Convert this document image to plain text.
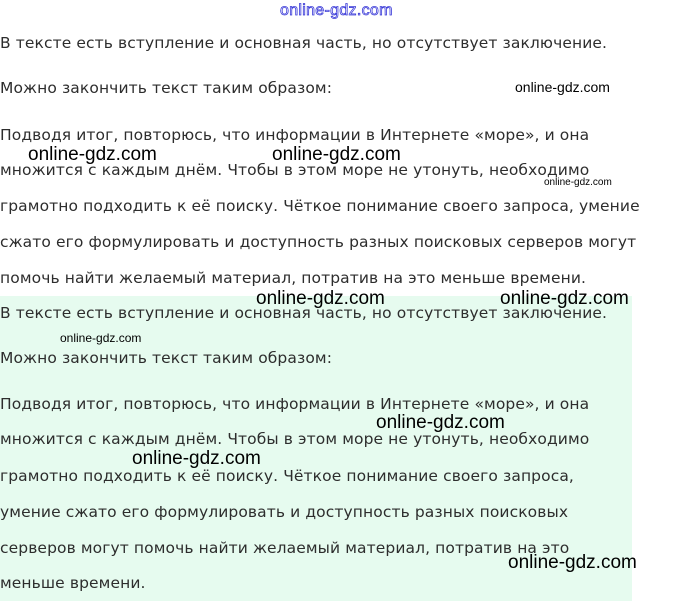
online-gdz.com
В тексте есть вступление и основная часть, но отсутствует заключение.
Можно закончить текст таким образом:
Подводя итог, повторюсь, что информации в Интернете «море», и она
множится с каждым днём. Чтобы в этом море не утонуть, необходимо
грамотно подходить к её поиску. Чёткое понимание своего запроса, умение
сжато его формулировать и доступность разных поисковых серверов могут
помочь найти желаемый материал, потратив на это меньше времени.
В тексте есть вступление и основная часть, но отсутствует заключение.
Можно закончить текст таким образом:
Подводя итог, повторюсь, что информации в Интернете «море», и она
множится с каждым днём. Чтобы в этом море не утонуть, необходимо
грамотно подходить к её поиску. Чёткое понимание своего запроса,
умение сжато его формулировать и доступность разных поисковых
серверов могут помочь найти желаемый материал, потратив на это
меньше времени.
online-gdz.com
online-gdz.com	online-gdz.com
online-gdz.com
online-gdz.com	online-gdz.com
online-gdz.com
online-gdz.com
online-gdz.com
online-gdz.com
